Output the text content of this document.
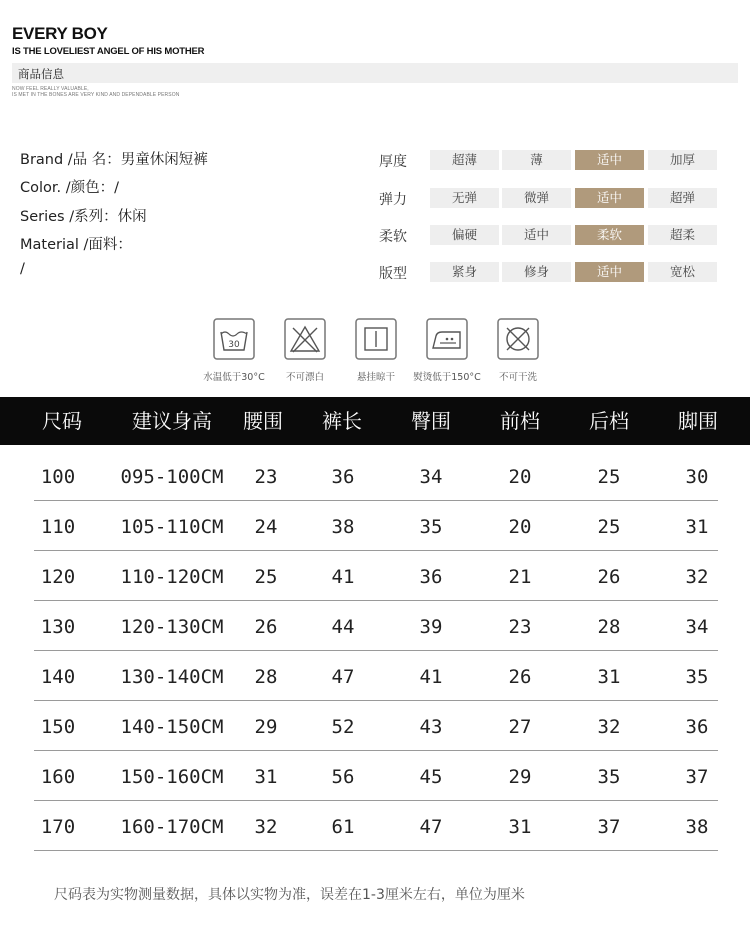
EVERY BOY
IS THE LOVELIEST ANGEL OF HIS MOTHER
商品信息
NOW FEEL REALLY VALUABLE,
IS MET IN THE BONES ARE VERY KIND AND DEPENDABLE PERSON
Brand /品 名：男童休闲短裤
Color. /颜色：/
Series /系列：休闲
Material /面料：
/
厚度	超薄	薄	适中	加厚
弹力	无弹	微弹	适中	超弹
柔软	偏硬	适中	柔软	超柔
版型	紧身	修身	适中	宽松
30
水温低于30°C	不可漂白	悬挂晾干	熨烫低于150°C	不可干洗
尺码	建议身高	腰围	裤长	臀围	前档	后档	脚围
100	095-100CM	23	36	34	20	25	30
110	105-110CM	24	38	35	20	25	31
120	110-120CM	25	41	36	21	26	32
130	120-130CM	26	44	39	23	28	34
140	130-140CM	28	47	41	26	31	35
150	140-150CM	29	52	43	27	32	36
160	150-160CM	31	56	45	29	35	37
170	160-170CM	32	61	47	31	37	38
尺码表为实物测量数据，具体以实物为准，误差在1-3厘米左右，单位为厘米
